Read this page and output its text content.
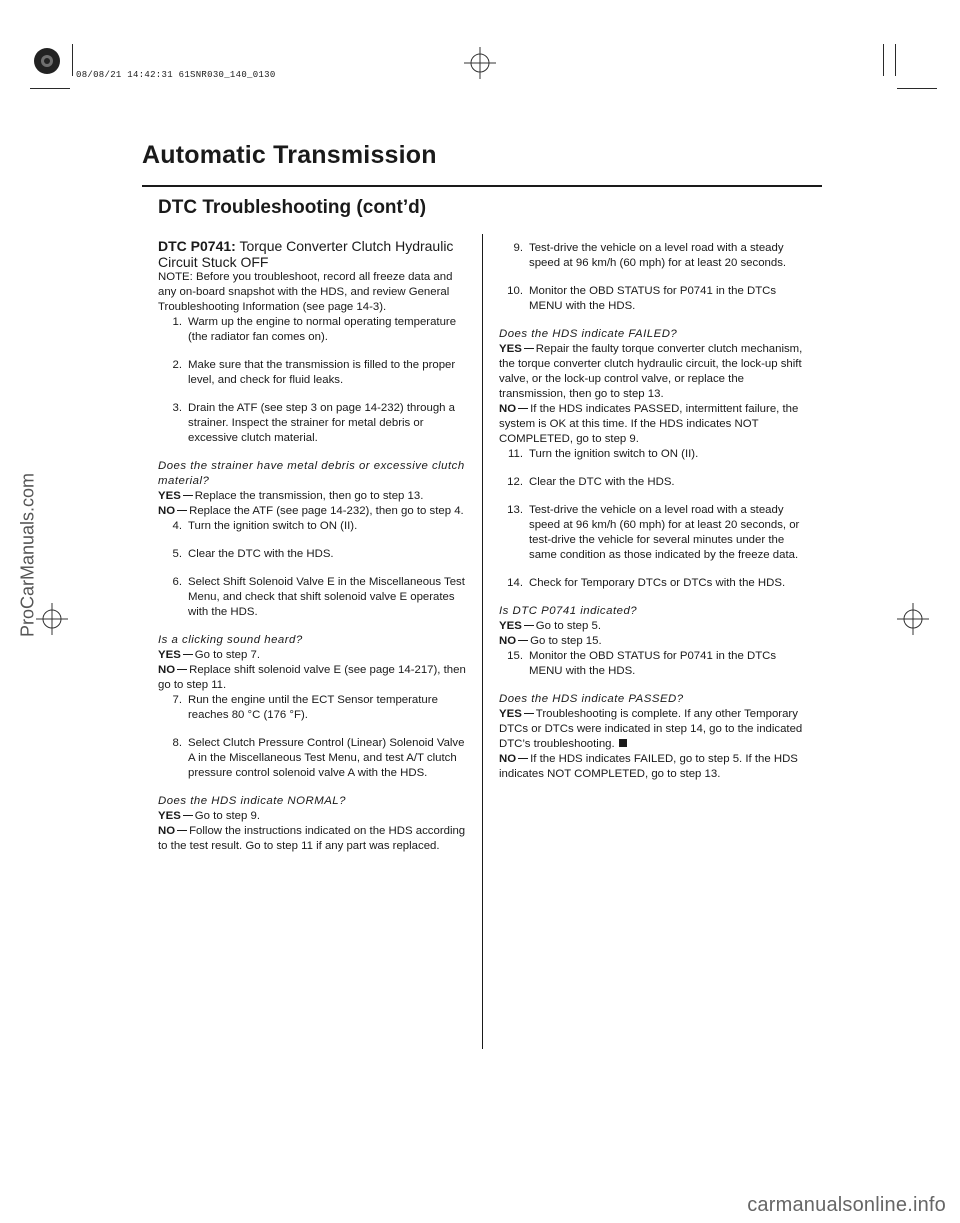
08/08/21 14:42:31 61SNR030_140_0130
Automatic Transmission
DTC Troubleshooting (cont’d)

DTC P0741: Torque Converter Clutch Hydraulic Circuit Stuck OFF

NOTE: Before you troubleshoot, record all freeze data and any on-board snapshot with the HDS, and review General Troubleshooting Information (see page 14-3).

1. Warm up the engine to normal operating temperature (the radiator fan comes on).
2. Make sure that the transmission is filled to the proper level, and check for fluid leaks.
3. Drain the ATF (see step 3 on page 14-232) through a strainer. Inspect the strainer for metal debris or excessive clutch material.

Does the strainer have metal debris or excessive clutch material?

YES Replace the transmission, then go to step 13.

NO Replace the ATF (see page 14-232), then go to step 4.

4. Turn the ignition switch to ON (II).
5. Clear the DTC with the HDS.
6. Select Shift Solenoid Valve E in the Miscellaneous Test Menu, and check that shift solenoid valve E operates with the HDS.

Is a clicking sound heard?

YES Go to step 7.

NO Replace shift solenoid valve E (see page 14-217), then go to step 11.

7. Run the engine until the ECT Sensor temperature reaches 80 °C (176 °F).
8. Select Clutch Pressure Control (Linear) Solenoid Valve A in the Miscellaneous Test Menu, and test A/T clutch pressure control solenoid valve A with the HDS.

Does the HDS indicate NORMAL?

YES Go to step 9.

NO Follow the instructions indicated on the HDS according to the test result. Go to step 11 if any part was replaced.

9. Test-drive the vehicle on a level road with a steady speed at 96 km/h (60 mph) for at least 20 seconds.
10. Monitor the OBD STATUS for P0741 in the DTCs MENU with the HDS.

Does the HDS indicate FAILED?

YES Repair the faulty torque converter clutch mechanism, the torque converter clutch hydraulic circuit, the lock-up shift valve, or the lock-up control valve, or replace the transmission, then go to step 13.

NO If the HDS indicates PASSED, intermittent failure, the system is OK at this time. If the HDS indicates NOT COMPLETED, go to step 9.

11. Turn the ignition switch to ON (II).
12. Clear the DTC with the HDS.
13. Test-drive the vehicle on a level road with a steady speed at 96 km/h (60 mph) for at least 20 seconds, or test-drive the vehicle for several minutes under the same condition as those indicated by the freeze data.
14. Check for Temporary DTCs or DTCs with the HDS.

Is DTC P0741 indicated?

YES Go to step 5.

NO Go to step 15.

15. Monitor the OBD STATUS for P0741 in the DTCs MENU with the HDS.

Does the HDS indicate PASSED?

YES Troubleshooting is complete. If any other Temporary DTCs or DTCs were indicated in step 14, go to the indicated DTC’s troubleshooting.

NO If the HDS indicates FAILED, go to step 5. If the HDS indicates NOT COMPLETED, go to step 13.

ProCarManuals.com
carmanualsonline.info
